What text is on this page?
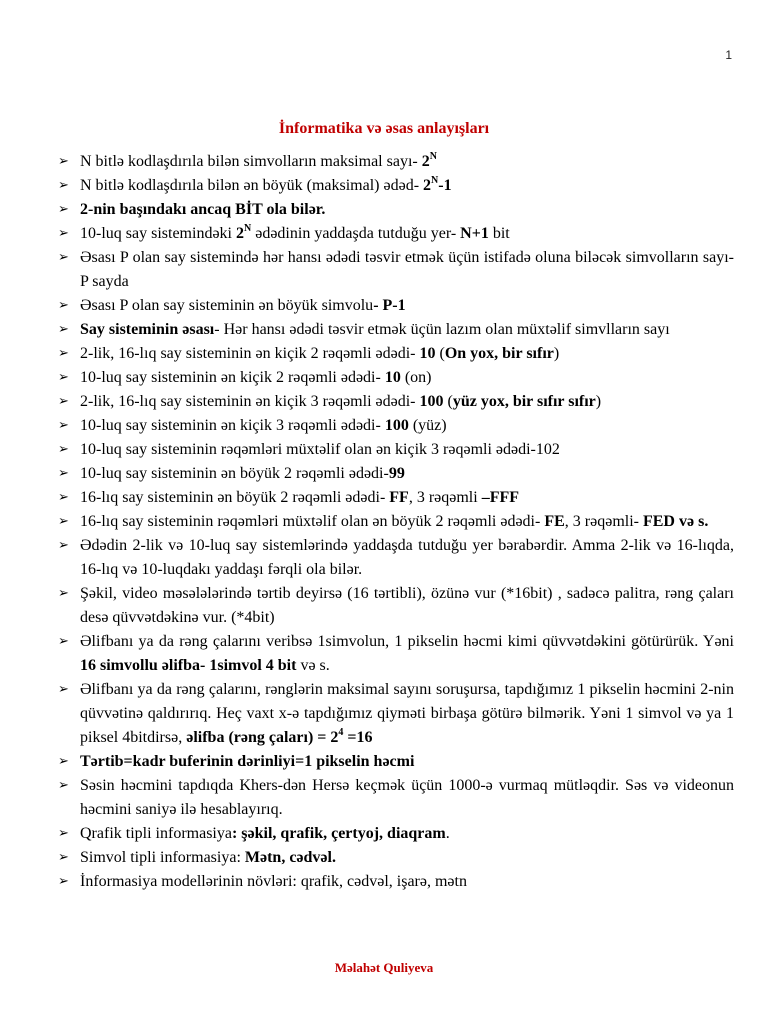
1
İnformatika və əsas anlayışları
➢ N bitlə kodlaşdırıla bilən simvolların maksimal sayı- $2^N$
➢ N bitlə kodlaşdırıla bilən ən böyük (maksimal) ədəd- $2^N-1$
➢ 2-nin başındakı ancaq BİT ola bilər.
➢ 10-luq say sistemindəki $2^N$ ədədinin yaddaşda tutduğu yer- N+1 bit
➢ Əsası P olan say sistemində hər hansı ədədi təsvir etmək üçün istifadə oluna biləcək simvolların sayı-P sayda
➢ Əsası P olan say sisteminin ən böyük simvolu- P-1
➢ Say sisteminin əsası- Hər hansı ədədi təsvir etmək üçün lazım olan müxtəlif simvlların sayı
➢ 2-lik, 16-lıq say sisteminin ən kiçik 2 rəqəmli ədədi- 10 (On yox, bir sıfır)
➢ 10-luq say sisteminin ən kiçik 2 rəqəmli ədədi- 10 (on)
➢ 2-lik, 16-lıq say sisteminin ən kiçik 3 rəqəmli ədədi- 100 (yüz yox, bir sıfır sıfır)
➢ 10-luq say sisteminin ən kiçik 3 rəqəmli ədədi- 100 (yüz)
➢ 10-luq say sisteminin rəqəmləri müxtəlif olan ən kiçik 3 rəqəmli ədədi-102
➢ 10-luq say sisteminin ən böyük 2 rəqəmli ədədi-99
➢ 16-lıq say sisteminin ən böyük 2 rəqəmli ədədi- FF, 3 rəqəmli –FFF
➢ 16-lıq say sisteminin rəqəmləri müxtəlif olan ən böyük 2 rəqəmli ədədi- FE, 3 rəqəmli- FED və s.
➢ Ədədin 2-lik və 10-luq say sistemlərində yaddaşda tutduğu yer bərabərdir. Amma 2-lik və 16-lıqda, 16-lıq və 10-luqdakı yaddaşı fərqli ola bilər.
➢ Şəkil, video məsələlərində tərtib deyirsə (16 tərtibli), özünə vur (*16bit) , sadəcə palitra, rəng çaları desə qüvvətdəkinə vur. (*4bit)
➢ Əlifbanı ya da rəng çalarını veribsə 1simvolun, 1 pikselin həcmi kimi qüvvətdəkini götürürük. Yəni 16 simvollu əlifba- 1simvol 4 bit və s.
➢ Əlifbanı ya da rəng çalarını, rənglərin maksimal sayını soruşursa, tapdığımız 1 pikselin həcmini 2-nin qüvvətinə qaldırırıq. Heç vaxt x-ə tapdığımız qiyməti birbaşa götürə bilmərik. Yəni 1 simvol və ya 1 piksel 4bitdirsə, əlifba (rəng çaları) = $2^4 =16$
➢ Tərtib=kadr buferinin dərinliyi=1 pikselin həcmi
➢ Səsin həcmini tapdıqda Khers-dən Hersə keçmək üçün 1000-ə vurmaq mütləqdir. Səs və videonun həcmini saniyə ilə hesablayırıq.
➢ Qrafik tipli informasiya: şəkil, qrafik, çertyoj, diaqram.
➢ Simvol tipli informasiya: Mətn, cədvəl.
➢ İnformasiya modellərinin növləri: qrafik, cədvəl, işarə, mətn
Məlahət Quliyeva
